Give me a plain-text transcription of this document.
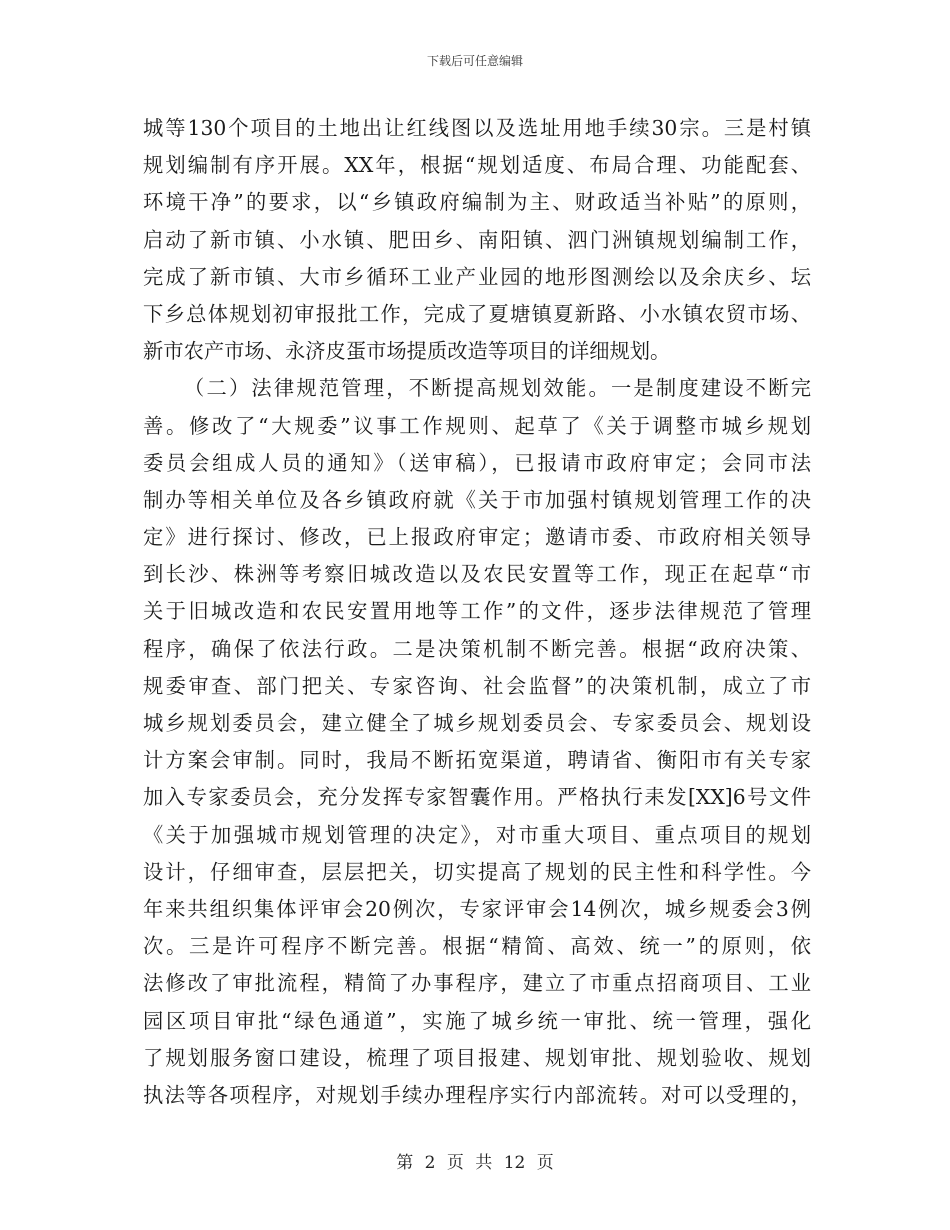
下载后可任意编辑
城等130个项目的土地出让红线图以及选址用地手续30宗。三是村镇
规划编制有序开展。XX年，根据“规划适度、布局合理、功能配套、
环境干净”的要求，以“乡镇政府编制为主、财政适当补贴”的原则，
启动了新市镇、小水镇、肥田乡、南阳镇、泗门洲镇规划编制工作，
完成了新市镇、大市乡循环工业产业园的地形图测绘以及余庆乡、坛
下乡总体规划初审报批工作，完成了夏塘镇夏新路、小水镇农贸市场、
新市农产市场、永济皮蛋市场提质改造等项目的详细规划。
（二）法律规范管理，不断提高规划效能。一是制度建设不断完
善。修改了“大规委”议事工作规则、起草了《关于调整市城乡规划
委员会组成人员的通知》（送审稿），已报请市政府审定；会同市法
制办等相关单位及各乡镇政府就《关于市加强村镇规划管理工作的决
定》进行探讨、修改，已上报政府审定；邀请市委、市政府相关领导
到长沙、株洲等考察旧城改造以及农民安置等工作，现正在起草“市
关于旧城改造和农民安置用地等工作”的文件，逐步法律规范了管理
程序，确保了依法行政。二是决策机制不断完善。根据“政府决策、
规委审查、部门把关、专家咨询、社会监督”的决策机制，成立了市
城乡规划委员会，建立健全了城乡规划委员会、专家委员会、规划设
计方案会审制。同时，我局不断拓宽渠道，聘请省、衡阳市有关专家
加入专家委员会，充分发挥专家智囊作用。严格执行耒发[XX]6号文件
《关于加强城市规划管理的决定》，对市重大项目、重点项目的规划
设计，仔细审查，层层把关，切实提高了规划的民主性和科学性。今
年来共组织集体评审会20例次，专家评审会14例次，城乡规委会3例
次。三是许可程序不断完善。根据“精简、高效、统一”的原则，依
法修改了审批流程，精简了办事程序，建立了市重点招商项目、工业
园区项目审批“绿色通道”，实施了城乡统一审批、统一管理，强化
了规划服务窗口建设，梳理了项目报建、规划审批、规划验收、规划
执法等各项程序，对规划手续办理程序实行内部流转。对可以受理的，
第 2 页 共 12 页
